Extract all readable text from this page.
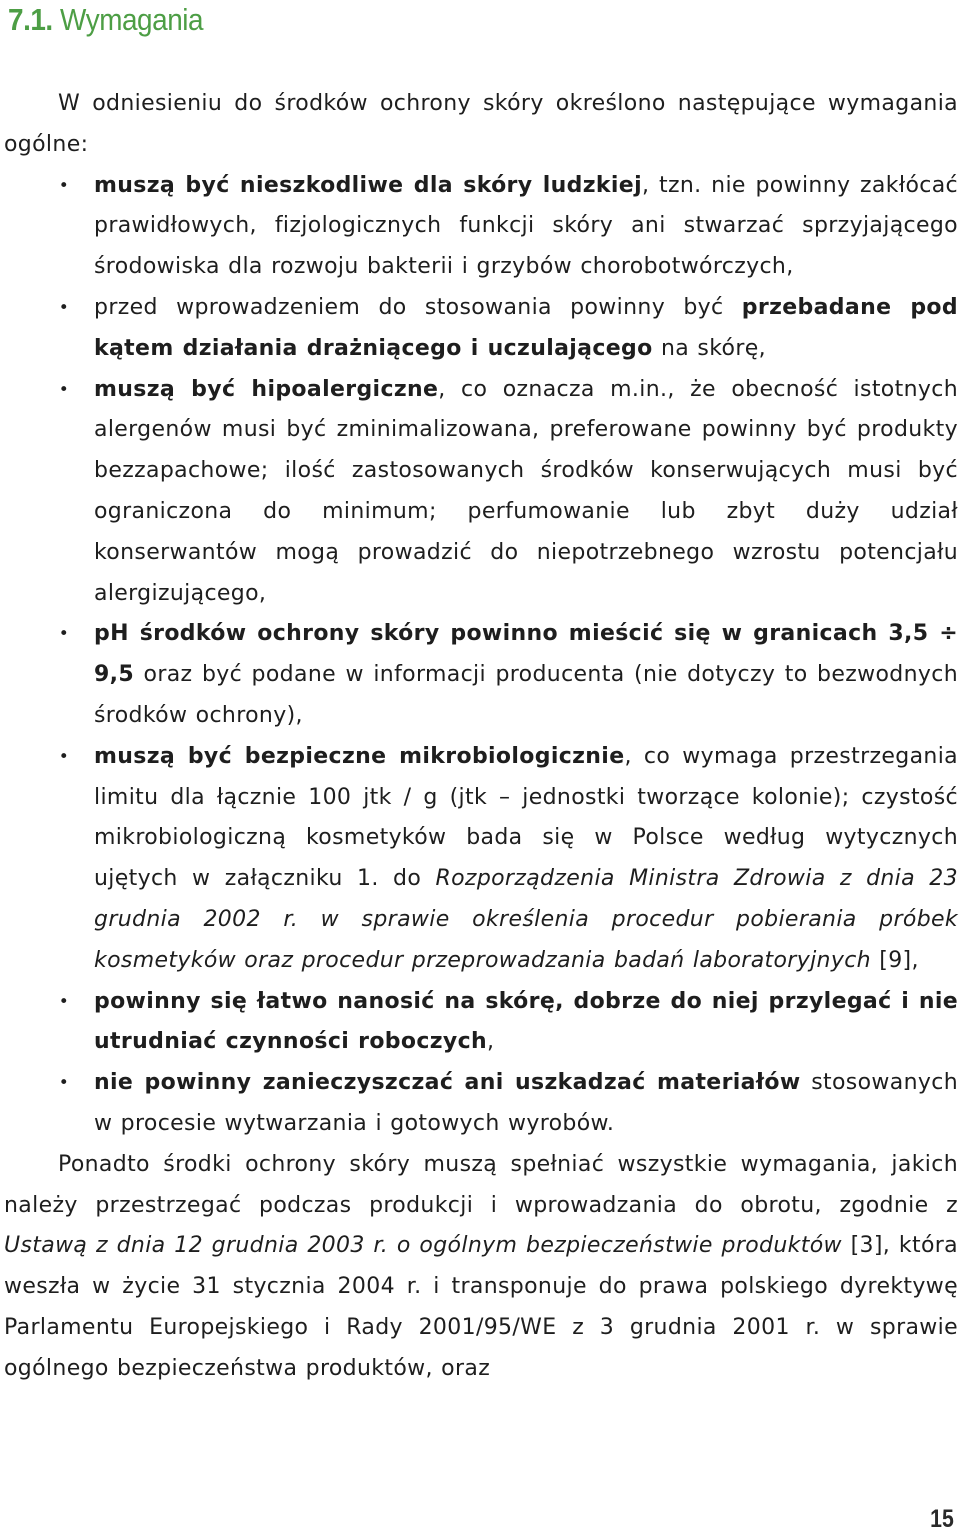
7.1. Wymagania

W odniesieniu do środków ochrony skóry określono następujące wymagania ogólne:

• muszą być nieszkodliwe dla skóry ludzkiej, tzn. nie powinny zakłócać prawidłowych, fizjologicznych funkcji skóry ani stwarzać sprzyjającego środowiska dla rozwoju bakterii i grzybów chorobotwórczych,
• przed wprowadzeniem do stosowania powinny być przebadane pod kątem działania drażniącego i uczulającego na skórę,
• muszą być hipoalergiczne, co oznacza m.in., że obecność istotnych alergenów musi być zminimalizowana, preferowane powinny być produkty bezzapachowe; ilość zastosowanych środków konserwujących musi być ograniczona do minimum; perfumowanie lub zbyt duży udział konserwantów mogą prowadzić do niepotrzebnego wzrostu potencjału alergizującego,
• pH środków ochrony skóry powinno mieścić się w granicach 3,5 ÷ 9,5 oraz być podane w informacji producenta (nie dotyczy to bezwodnych środków ochrony),
• muszą być bezpieczne mikrobiologicznie, co wymaga przestrzegania limitu dla łącznie 100 jtk / g (jtk – jednostki tworzące kolonie); czystość mikrobiologiczną kosmetyków bada się w Polsce według wytycznych ujętych w załączniku 1. do Rozporządzenia Ministra Zdrowia z dnia 23 grudnia 2002 r. w sprawie określenia procedur pobierania próbek kosmetyków oraz procedur przeprowadzania badań laboratoryjnych [9],
• powinny się łatwo nanosić na skórę, dobrze do niej przylegać i nie utrudniać czynności roboczych,
• nie powinny zanieczyszczać ani uszkadzać materiałów stosowanych w procesie wytwarzania i gotowych wyrobów.

Ponadto środki ochrony skóry muszą spełniać wszystkie wymagania, jakich należy przestrzegać podczas produkcji i wprowadzania do obrotu, zgodnie z Ustawą z dnia 12 grudnia 2003 r. o ogólnym bezpieczeństwie produktów [3], która weszła w życie 31 stycznia 2004 r. i transponuje do prawa polskiego dyrektywę Parlamentu Europejskiego i Rady 2001/95/WE z 3 grudnia 2001 r. w sprawie ogólnego bezpieczeństwa produktów, oraz

15
